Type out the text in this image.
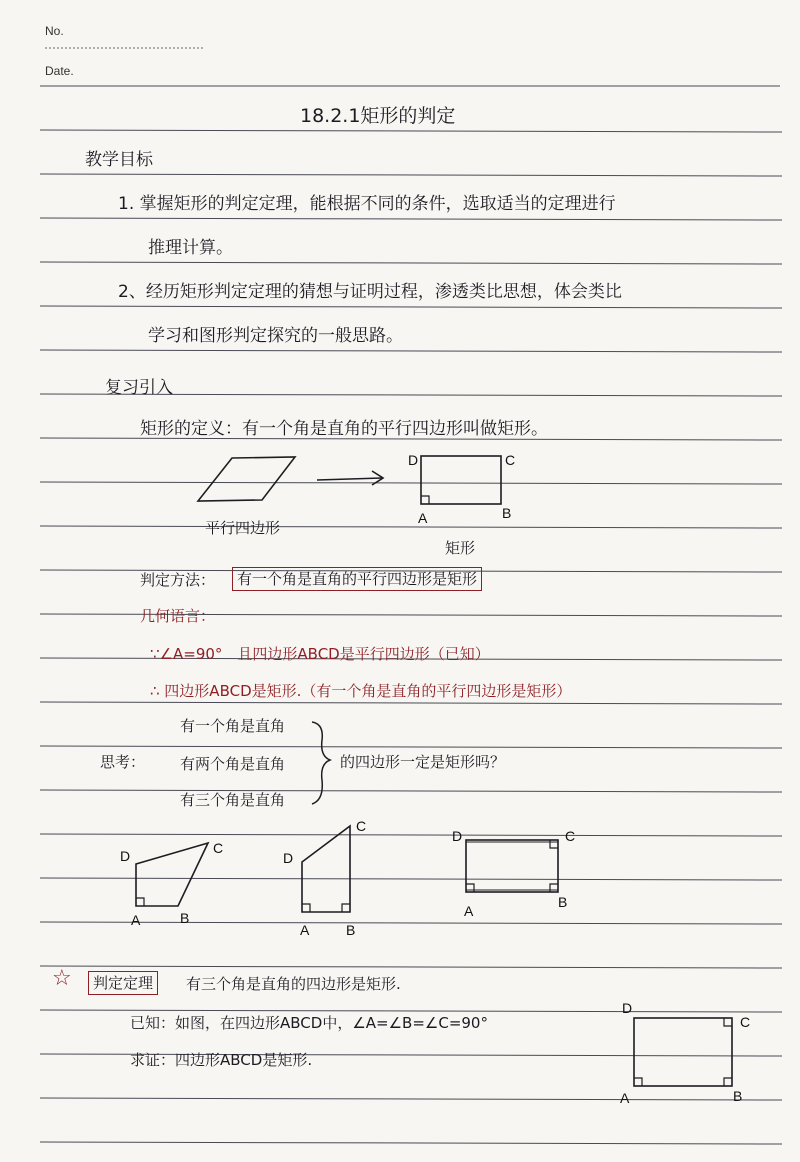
No.
Date.
18.2.1矩形的判定
教学目标
1. 掌握矩形的判定定理，能根据不同的条件，选取适当的定理进行
推理计算。
2、经历矩形判定定理的猜想与证明过程，渗透类比思想，体会类比
学习和图形判定探究的一般思路。
复习引入
矩形的定义：有一个角是直角的平行四边形叫做矩形。
平行四边形
矩形
D	C
A	B
判定方法：	有一个角是直角的平行四边形是矩形
几何语言：
∵∠A=90°　且四边形ABCD是平行四边形（已知）
∴ 四边形ABCD是矩形.（有一个角是直角的平行四边形是矩形）
思考：
有一个角是直角
有两个角是直角
有三个角是直角
的四边形一定是矩形吗？
D	C
A	B
D
C
A	B
D	C
A
B
☆	判定定理	有三个角是直角的四边形是矩形.
已知：如图，在四边形ABCD中，∠A=∠B=∠C=90°
求证：四边形ABCD是矩形.
D
C
A	B
